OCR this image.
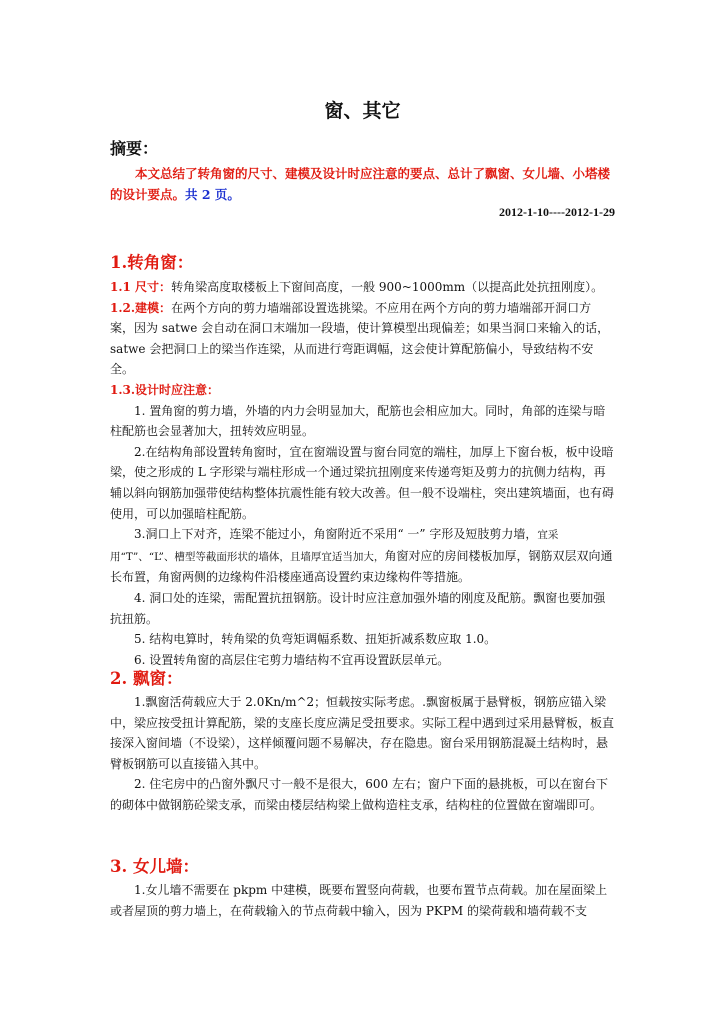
窗、其它
摘要：

本文总结了转角窗的尺寸、建模及设计时应注意的要点、总计了飘窗、女儿墙、小塔楼的设计要点。共 2 页。

2012-1-10----2012-1-29

1.转角窗：

1.1 尺寸：转角梁高度取楼板上下窗间高度，一般 900~1000mm（以提高此处抗扭刚度）。

1.2.建模：在两个方向的剪力墙端部设置选挑梁。不应用在两个方向的剪力墙端部开洞口方案，因为 satwe 会自动在洞口末端加一段墙，使计算模型出现偏差；如果当洞口来输入的话，satwe 会把洞口上的梁当作连梁，从而进行弯距调幅，这会使计算配筋偏小，导致结构不安全。

1.3.设计时应注意：

1. 置角窗的剪力墙，外墙的内力会明显加大，配筋也会相应加大。同时，角部的连梁与暗柱配筋也会显著加大，扭转效应明显。

2.在结构角部设置转角窗时，宜在窗端设置与窗台同宽的端柱，加厚上下窗台板，板中设暗梁，使之形成的 L 字形梁与端柱形成一个通过梁抗扭刚度来传递弯矩及剪力的抗侧力结构，再辅以斜向钢筋加强带使结构整体抗震性能有较大改善。但一般不设端柱，突出建筑墙面，也有碍使用，可以加强暗柱配筋。

3.洞口上下对齐，连梁不能过小，角窗附近不采用“ 一” 字形及短肢剪力墙，宜采用“T”、“L”、槽型等截面形状的墙体，且墙厚宜适当加大，角窗对应的房间楼板加厚，钢筋双层双向通长布置，角窗两侧的边缘构件沿楼座通高设置约束边缘构件等措施。

4. 洞口处的连梁，需配置抗扭钢筋。设计时应注意加强外墙的刚度及配筋。飘窗也要加强抗扭筋。

5. 结构电算时，转角梁的负弯矩调幅系数、扭矩折减系数应取 1.0。

6. 设置转角窗的高层住宅剪力墙结构不宜再设置跃层单元。

2. 飘窗：

1.飘窗活荷载应大于 2.0Kn/m^2；恒载按实际考虑。.飘窗板属于悬臂板，钢筋应锚入梁中，梁应按受扭计算配筋，梁的支座长度应满足受扭要求。实际工程中遇到过采用悬臂板，板直接深入窗间墙（不设梁），这样倾覆问题不易解决，存在隐患。窗台采用钢筋混凝土结构时，悬臂板钢筋可以直接锚入其中。

2. 住宅房中的凸窗外飘尺寸一般不是很大，600 左右；窗户下面的悬挑板，可以在窗台下的砌体中做钢筋砼梁支承，而梁由楼层结构梁上做构造柱支承，结构柱的位置做在窗端即可。

3. 女儿墙：

1.女儿墙不需要在 pkpm 中建模，既要布置竖向荷载，也要布置节点荷载。加在屋面梁上或者屋顶的剪力墙上，在荷载输入的节点荷载中输入，因为 PKPM 的梁荷载和墙荷载不支
